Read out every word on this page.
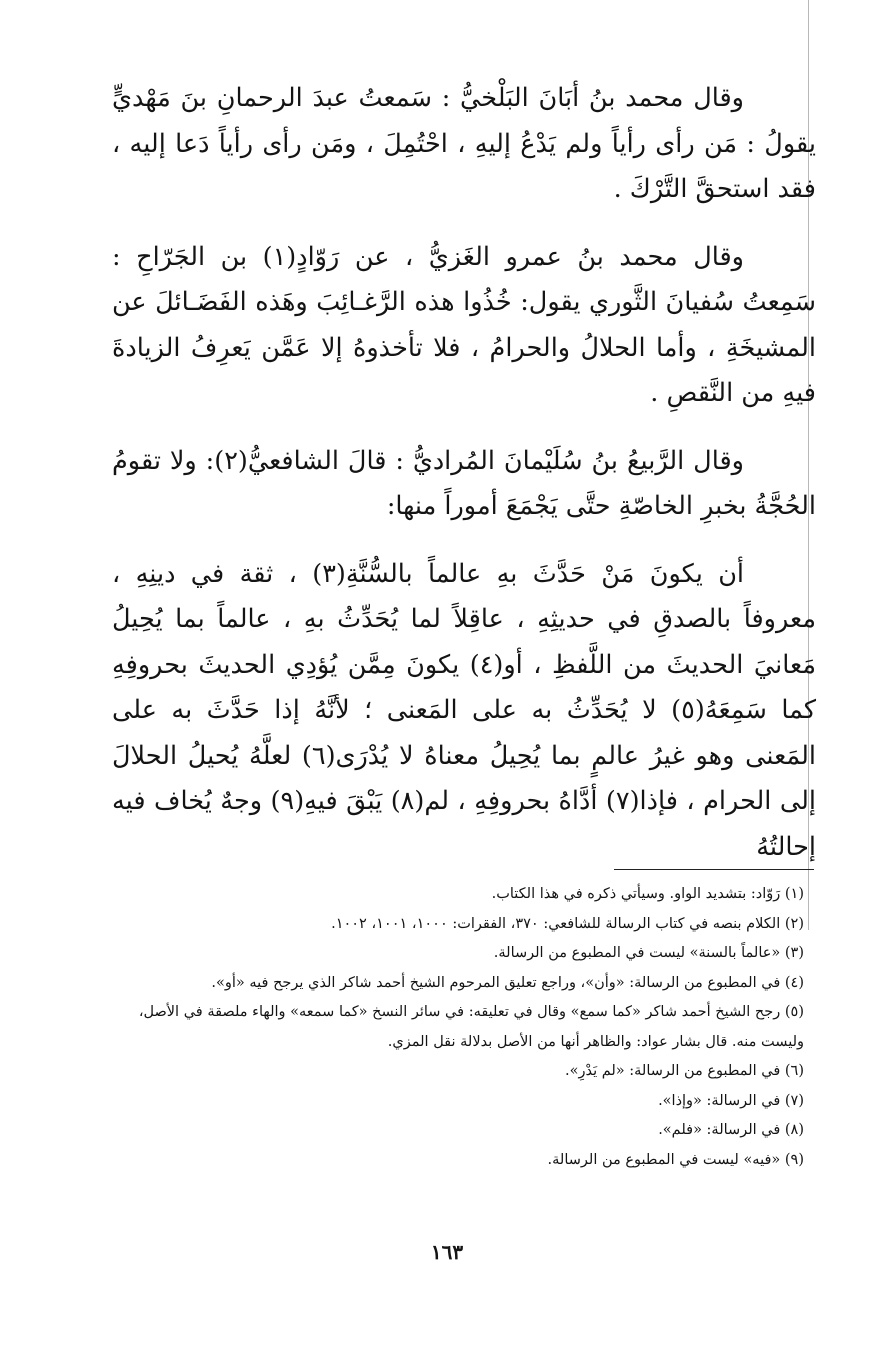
وقال محمد بنُ أبَانَ البَلْخيُّ : سَمعتُ عبدَ الرحمانِ بنَ مَهْديٍّ يقولُ : مَن رأى رأياً ولم يَدْعُ إليهِ ، احْتُمِلَ ، ومَن رأى رأياً دَعا إليه ، فقد استحقَّ التَّرْكَ .

وقال محمد بنُ عمرو الغَزيُّ ، عن رَوّادٍ(١) بن الجَرّاحِ : سَمِعتُ سُفيانَ الثَّوري يقول: خُذُوا هذه الرَّغـائِبَ وهَذه الفَضَـائلَ عن المشيخَةِ ، وأما الحلالُ والحرامُ ، فلا تأخذوهُ إلا عَمَّن يَعرِفُ الزيادةَ فيهِ من النَّقصِ .

وقال الرَّبيعُ بنُ سُلَيْمانَ المُراديُّ : قالَ الشافعيُّ(٢): ولا تقومُ الحُجَّةُ بخبرِ الخاصّةِ حتَّى يَجْمَعَ أموراً منها:

أن يكونَ مَنْ حَدَّثَ بهِ عالماً بالسُّنَّةِ(٣) ، ثقة في دينِهِ ، معروفاً بالصدقِ في حديثِهِ ، عاقِلاً لما يُحَدِّثُ بهِ ، عالماً بما يُحِيلُ مَعانيَ الحديثَ من اللَّفظِ ، أو(٤) يكونَ مِمَّن يُؤدِي الحديثَ بحروفِهِ كما سَمِعَهُ(٥) لا يُحَدِّثُ به على المَعنى ؛ لأنَّهُ إذا حَدَّثَ به على المَعنى وهو غيرُ عالمٍ بما يُحِيلُ معناهُ لا يُدْرَى(٦) لعلَّهُ يُحيلُ الحلالَ إلى الحرام ، فإذا(٧) أدَّاهُ بحروفِهِ ، لم(٨) يَبْقَ فيهِ(٩) وجهٌ يُخاف فيه إحالتُهُ

(١) رَوّاد: بتشديد الواو. وسيأتي ذكره في هذا الكتاب.

(٢) الكلام بنصه في كتاب الرسالة للشافعي: ٣٧٠، الفقرات: ١٠٠٠، ١٠٠١، ١٠٠٢.

(٣) «عالماً بالسنة» ليست في المطبوع من الرسالة.

(٤) في المطبوع من الرسالة: «وأن»، وراجع تعليق المرحوم الشيخ أحمد شاكر الذي يرجح فيه «أو».

(٥) رجح الشيخ أحمد شاكر «كما سمع» وقال في تعليقه: في سائر النسخ «كما سمعه» والهاء ملصقة في الأصل، وليست منه. قال بشار عواد: والظاهر أنها من الأصل بدلالة نقل المزي.

(٦) في المطبوع من الرسالة: «لم يَدْرِ».

(٧) في الرسالة: «وإذا».

(٨) في الرسالة: «فلم».

(٩) «فيه» ليست في المطبوع من الرسالة.

١٦٣
